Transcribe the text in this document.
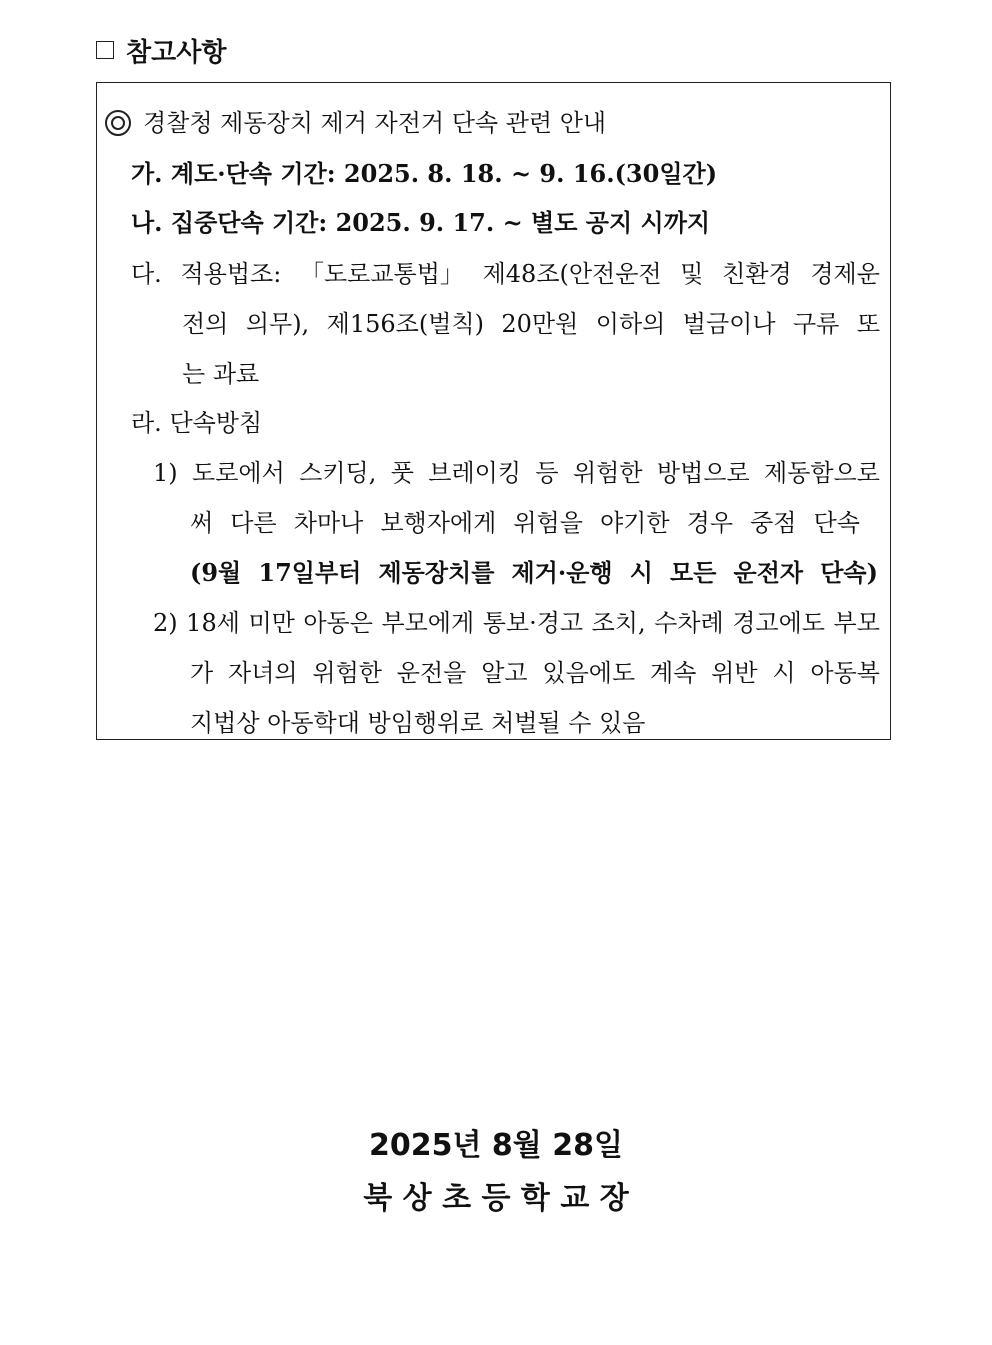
참고사항
경찰청 제동장치 제거 자전거 단속 관련 안내
가. 계도·단속 기간: 2025. 8. 18. ~ 9. 16.(30일간)
나. 집중단속 기간: 2025. 9. 17. ~ 별도 공지 시까지
다. 적용법조: 「도로교통법」 제48조(안전운전 및 친환경 경제운
전의 의무), 제156조(벌칙) 20만원 이하의 벌금이나 구류 또
는 과료
라. 단속방침
1) 도로에서 스키딩, 풋 브레이킹 등 위험한 방법으로 제동함으로
써 다른 차마나 보행자에게 위험을 야기한 경우 중점 단속
(9월 17일부터 제동장치를 제거·운행 시 모든 운전자 단속)
2) 18세 미만 아동은 부모에게 통보·경고 조치, 수차례 경고에도 부모
가 자녀의 위험한 운전을 알고 있음에도 계속 위반 시 아동복
지법상 아동학대 방임행위로 처벌될 수 있음
2025년 8월 28일
북 상 초 등 학 교 장
